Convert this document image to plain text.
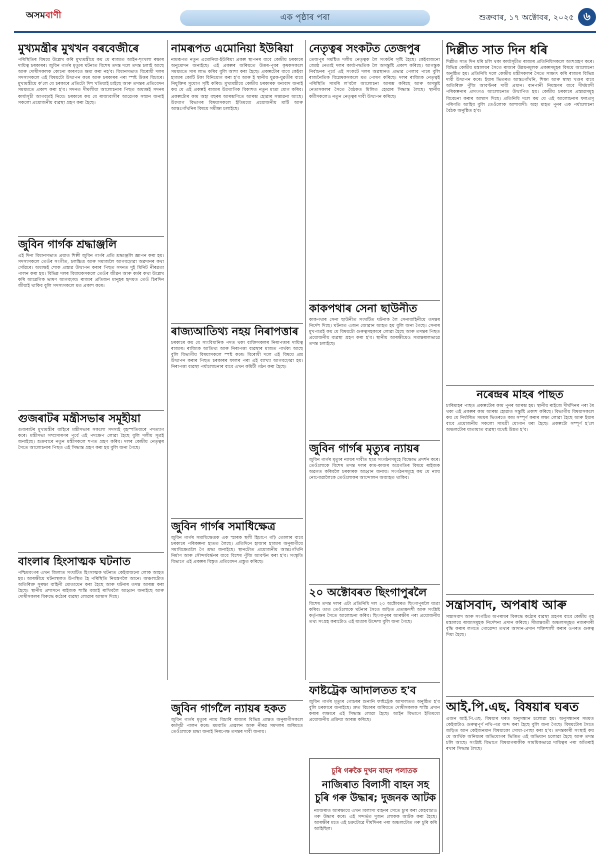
অসমবাণী	এক পৃষ্ঠাৰ পৰা	শুক্ৰবাৰ, ১৭ অক্টোবৰ, ২০২৫ ৬
মুখ্যমন্ত্ৰীৰ মুখখন বৰবেজীৰে
পৰিস্থিতিৰ বিষয়ে উল্লেখ কৰি মুখ্যমন্ত্ৰীয়ে কয় যে ৰাজ্যত আইন-শৃংখলা ৰক্ষাৰ দায়িত্ব চৰকাৰৰ। জুবিন গাৰ্গৰ মৃত্যুৰ ঘটনাত বিশেষ তদন্ত দলে তদন্ত চলাই আছে আৰু দোষীসকলক কোনো কাৰণতে ক্ষমা কৰা নহ'ব। বিধানসভাত বিৰোধী দলৰ সদস্যসকলে এই বিষয়টো উত্থাপন কৰে আৰু চৰকাৰৰ পৰা স্পষ্ট উত্তৰ বিচাৰে। মুখ্যমন্ত্ৰীয়ে ক'লে যে চৰকাৰে প্ৰতিটো দিশ খতিয়াই চাইছে আৰু তদন্তৰ প্ৰতিবেদন সময়মতে প্ৰকাশ কৰা হ'ব। সদনত দীঘলীয়া আলোচনাৰ পিছত অধ্যক্ষই সদনৰ কাৰ্য্যসূচী আগবঢ়াই নিয়ে। চৰকাৰে কয় যে ৰাজ্যবাসীৰ আৱেগক সন্মান জনাই সকলো প্ৰয়োজনীয় ব্যৱস্থা গ্ৰহণ কৰা হৈছে।
জুবিন গাৰ্গক শ্ৰদ্ধাঞ্জলি
এই দিনা বিধানসভাত প্ৰয়াত শিল্পী জুবিন গাৰ্গৰ প্ৰতি শ্ৰদ্ধাঞ্জলি জ্ঞাপন কৰা হয়। সদস্যসকলে তেওঁৰ সংগীত, চলচ্চিত্ৰ আৰু সমাজলৈ আগবঢ়োৱা অৱদানৰ কথা সোঁৱৰে। অধ্যক্ষই শোক প্ৰস্তাৱ উত্থাপন কৰাৰ পিছত সদনত দুই মিনিট নীৰৱতা পালন কৰা হয়। বিভিন্ন দলৰ বিধায়কসকলে তেওঁৰ জীৱন আৰু কৰ্মৰ কথা উল্লেখ কৰি আৱেগিক ভাষণ আগবঢ়ায়। ৰাজ্যৰ প্ৰতিজন মানুহৰ হৃদয়ত তেওঁ চিৰদিন জীয়াই থাকিব বুলি সদস্যসকলে মত প্ৰকাশ কৰে।
গুজৰাটৰ মন্ত্ৰীসভাৰ সমূহীয়া
গুজৰাটৰ মুখ্যমন্ত্ৰীৰ বাহিৰে মন্ত্ৰীসভাৰ সকলো সদস্যই বৃহস্পতিবাৰে পদত্যাগ কৰে। মন্ত্ৰীসভা সম্প্ৰসাৰণৰ পূৰ্বে এই পদক্ষেপ লোৱা হৈছে বুলি দলীয় সূত্ৰই জনাইছে। শুক্ৰবাৰে নতুন মন্ত্ৰীসকলে শপত গ্ৰহণ কৰিব। দলৰ কেন্দ্ৰীয় নেতৃত্বৰ সৈতে আলোচনাৰ পিছত এই সিদ্ধান্ত গ্ৰহণ কৰা হয় বুলি জনা গৈছে।
বাংলাৰ হিংসাত্মক ঘটনাত
পশ্চিমবংগৰ এখন জিলাত সংঘটিত হিংসাত্মক ঘটনাত কেইবাজনো লোক আহত হয়। আৰক্ষীয়ে ঘটনাস্থলত উপস্থিত হৈ পৰিস্থিতি নিয়ন্ত্ৰণলৈ আনে। অঞ্চলটোত অতিৰিক্ত সুৰক্ষা বাহিনী মোতায়েন কৰা হৈছে আৰু ঘটনাৰ তদন্ত আৰম্ভ কৰা হৈছে। স্থানীয় প্ৰশাসনে ৰাইজক শান্তি বজাই ৰাখিবলৈ আহ্বান জনাইছে আৰু দোষীসকলৰ বিৰুদ্ধে কঠোৰ ব্যৱস্থা লোৱাৰ আশ্বাস দিছে।
নামৰূপত এমোনিয়া ইউৰিয়া
নামৰূপত নতুন এমোনিয়া-ইউৰিয়া প্ৰকল্প স্থাপনৰ বাবে কেন্দ্ৰীয় চৰকাৰে অনুমোদন জনাইছে। এই প্ৰকল্পৰ জৰিয়তে উত্তৰ-পূবৰ কৃষকসকলে সময়মতে সাৰ লাভ কৰিব বুলি আশা কৰা হৈছে। প্ৰকল্পটোৰ বাবে কেইবা হাজাৰ কোটি টকা বিনিয়োগ কৰা হ'ব আৰু ই স্থানীয় যুৱক-যুৱতীৰ বাবে নিযুক্তিৰ সুযোগ সৃষ্টি কৰিব। মুখ্যমন্ত্ৰীয়ে কেন্দ্ৰীয় চৰকাৰক ধন্যবাদ জনাই কয় যে এই প্ৰকল্পই ৰাজ্যৰ উদ্যোগিক বিকাশত নতুন মাত্ৰা যোগ কৰিব। প্ৰকল্পটোৰ কাম অহা বছৰৰ আৰম্ভণিতে আৰম্ভ হোৱাৰ সম্ভাৱনা আছে। উদ্যোগ বিভাগৰ বিষয়াসকলে ইতিমধ্যে প্ৰয়োজনীয় মাটি আৰু আন্তঃগাঁথনিৰ বিষয়ে সমীক্ষা চলাইছে।
ৰাজ্যআতিথ্য নহয় নিৰাপত্তাৰ
চৰকাৰে কয় যে সাংবিধানিক পদত থকা ব্যক্তিসকলৰ নিৰাপত্তাৰ দায়িত্ব ৰাজ্যৰ। ৰাজ্যিক আতিথ্য আৰু নিৰাপত্তা ব্যৱস্থাৰ মাজত পাৰ্থক্য আছে বুলি বিভাগীয় বিষয়াসকলে স্পষ্ট কৰে। বিৰোধী দলে এই বিষয়ে প্ৰশ্ন উত্থাপন কৰাৰ পিছত চৰকাৰৰ ফালৰ পৰা এই ব্যাখ্যা আগবঢ়োৱা হয়। নিৰাপত্তা ব্যৱস্থা পৰ্যালোচনাৰ বাবে এখন কমিটী গঠন কৰা হৈছে।
জুবিন গাৰ্গৰ সমাধিক্ষেত্ৰ
জুবিন গাৰ্গৰ সমাধিক্ষেত্ৰক এক স্মাৰক স্থলী হিচাপে গঢ়ি তোলাৰ বাবে চৰকাৰে পৰিকল্পনা হাতত লৈছে। প্ৰতিদিনে হাজাৰ হাজাৰ অনুৰাগীয়ে সমাধিক্ষেত্ৰলৈ গৈ শ্ৰদ্ধা জনাইছে। স্থানটোত প্ৰয়োজনীয় আন্তঃগাঁথনি নিৰ্মাণ আৰু সৌন্দৰ্যবৰ্দ্ধনৰ বাবে বিশেষ পুঁজি আবণ্টন কৰা হ'ব। সংস্কৃতি বিভাগে এই প্ৰকল্পৰ বিস্তৃত প্ৰতিবেদন প্ৰস্তুত কৰিছে।
জুবিন গাৰ্গলৈ ন্যায়ৰ হকত
জুবিন গাৰ্গৰ মৃত্যুৰ ন্যায় বিচাৰি ৰাজ্যৰ বিভিন্ন প্ৰান্তত অনুৰাগীসকলে কৰ্মসূচী পালন কৰে। মমবাতি প্ৰজ্বলন আৰু নীৰৱ সমদলৰ জৰিয়তে তেওঁলোকে শ্ৰদ্ধা জনাই নিৰপেক্ষ তদন্তৰ দাবী জনায়।
নেতৃত্বৰ সংকটত তেজপুৰ
তেজপুৰ সমষ্টিত দলীয় নেতৃত্বক লৈ সংকটৰ সৃষ্টি হৈছে। কেইবাজনো জ্যেষ্ঠ নেতাই দলৰ কাৰ্য্যপদ্ধতিক লৈ অসন্তুষ্টি প্ৰকাশ কৰিছে। আগন্তুক নিৰ্বাচনৰ পূৰ্বে এই সংকটে দলৰ অৱস্থানত প্ৰভাৱ পেলাব পাৰে বুলি ৰাজনৈতিক বিশ্লেষকসকলে মত পোষণ কৰিছে। দলৰ ৰাজ্যিক নেতৃত্বই পৰিস্থিতি সামৰি ল'বলৈ আলোচনা আৰম্ভ কৰিছে আৰু অসন্তুষ্ট নেতাসকলৰ সৈতে বৈঠকত মিলিত হোৱাৰ সিদ্ধান্ত লৈছে। স্থানীয় কৰ্মীসকলেও নতুন নেতৃত্বৰ দাবী উত্থাপন কৰিছে।
কাকপথাৰ সেনা ছাউনীত
কাকপথাৰ সেনা ছাউনীত সংঘটিত ঘটনাক লৈ সেনাবাহিনীয়ে তদন্তৰ নিৰ্দেশ দিছে। ঘটনাত এজন জোৱান আহত হয় বুলি জনা গৈছে। সেনাৰ মুখপাত্ৰই কয় যে বিষয়টো গুৰুত্বসহকাৰে লোৱা হৈছে আৰু তদন্তৰ পিছত প্ৰয়োজনীয় ব্যৱস্থা গ্ৰহণ কৰা হ'ব। স্থানীয় আৰক্ষীয়েও সমান্তৰালভাৱে তদন্ত চলাইছে।
জুবিন গাৰ্গৰ মৃত্যুৰ ন্যায়ৰ
জুবিন গাৰ্গৰ মৃত্যুৰ ন্যায়ৰ দাবীত ছাত্ৰ সংগঠনসমূহে বিক্ষোভ প্ৰদৰ্শন কৰে। তেওঁলোকে বিশেষ তদন্ত দলৰ কাম-কাজৰ অগ্ৰগতিৰ বিষয়ে ৰাইজক অৱগত কৰিবলৈ চৰকাৰক আহ্বান জনায়। সংগঠনসমূহে কয় যে ন্যায় নোপোৱালৈকে তেওঁলোকৰ আন্দোলন অব্যাহত থাকিব।
২০ অক্টোবৰত ছিংগাপুৰলৈ
বিশেষ তদন্ত দলৰ এটা প্ৰতিনিধি দল ২০ অক্টোবৰত ছিংগাপুৰলৈ যাত্ৰা কৰিব। তাত তেওঁলোকে ঘটনাৰ সৈতে জড়িত প্ৰত্যক্ষদৰ্শী আৰু সংশ্লিষ্ট কৰ্তৃপক্ষৰ সৈতে আলোচনা কৰিব। ছিংগাপুৰৰ আৰক্ষীৰ পৰা প্ৰয়োজনীয় তথ্য সংগ্ৰহ কৰাটোও এই যাত্ৰাৰ উদ্দেশ্য বুলি জনা গৈছে।
ফাষ্টট্ৰেক আদালতত হ'ব
জুবিন গাৰ্গৰ মৃত্যুৰ গোচৰৰ শুনানি ফাষ্টট্ৰেক আদালতত অনুষ্ঠিত হ'ব বুলি চৰকাৰে জনাইছে। দ্ৰুত বিচাৰৰ জৰিয়তে দোষীসকলক শাস্তি প্ৰদান কৰাৰ লক্ষ্যৰে এই সিদ্ধান্ত লোৱা হৈছে। আইন বিভাগে ইতিমধ্যে প্ৰয়োজনীয় প্ৰক্ৰিয়া আৰম্ভ কৰিছে।
চুৰি গৰুকৈ দুখন বাহন পলাতক
নাজিৰাত বিলাসী বাহন সহ
চুৰি গৰু উদ্ধাৰ; দুজনক আটক
নাজিৰাত আৰক্ষীয়ে এখন বিলাসী বাহনৰ সৈতে চুৰি কৰা কেইবাটাও গৰু উদ্ধাৰ কৰে। এই সন্দৰ্ভত দুজন লোকক আটক কৰা হৈছে। আৰক্ষীৰ মতে এই চক্ৰটোৱে দীৰ্ঘদিনৰ পৰা অঞ্চলটোত গৰু চুৰি কৰি আহিছিল।
দিল্লীত সাত দিন ধৰি
দিল্লীত সাত দিন ধৰি চলি থকা কাৰ্য্যসূচীত ৰাজ্যৰ প্ৰতিনিধিসকলে অংশগ্ৰহণ কৰে। বিভিন্ন কেন্দ্ৰীয় মন্ত্ৰালয়ৰ সৈতে ৰাজ্যৰ উন্নয়নমূলক প্ৰকল্পসমূহৰ বিষয়ে আলোচনা অনুষ্ঠিত হয়। প্ৰতিনিধি দলে কেন্দ্ৰীয় মন্ত্ৰীসকলৰ সৈতে সাক্ষাৎ কৰি ৰাজ্যৰ বিভিন্ন দাবী উত্থাপন কৰে। ইয়াৰ ভিতৰত আন্তঃগাঁথনি, শিক্ষা আৰু স্বাস্থ্য খণ্ডৰ বাবে অতিৰিক্ত পুঁজি আবণ্টনৰ দাবী প্ৰধান। বানপানী নিয়ন্ত্ৰণৰ বাবে দীৰ্ঘম্যাদী পৰিকল্পনাৰ প্ৰসংগও আলোচনাত উত্থাপিত হয়। কেন্দ্ৰীয় চৰকাৰে প্ৰস্তাৱসমূহ বিবেচনা কৰাৰ আশ্বাস দিছে। প্ৰতিনিধি দলে কয় যে এই আলোচনাৰ ফলপ্ৰসূ পৰিণতি আহিব বুলি তেওঁলোক আশাবাদী। অহা মাহত পুনৰ এক পৰ্যালোচনা বৈঠক অনুষ্ঠিত হ'ব।
নৰেন্দ্ৰৰ মাহৰ পাছত
চাৰিমাহৰ পাছত প্ৰকল্পটোৰ কাম পুনৰ আৰম্ভ হয়। স্থানীয় ৰাইজে দীৰ্ঘদিনৰ পৰা ৰৈ থকা এই প্ৰকল্পৰ কাম আৰম্ভ হোৱাত সন্তুষ্টি প্ৰকাশ কৰিছে। বিভাগীয় বিষয়াসকলে কয় যে নিৰ্ধাৰিত সময়ৰ ভিতৰতে কাম সম্পূৰ্ণ কৰাৰ লক্ষ্য লোৱা হৈছে আৰু ইয়াৰ বাবে প্ৰয়োজনীয় সকলো সামগ্ৰী যোগান ধৰা হৈছে। প্ৰকল্পটো সম্পূৰ্ণ হ'লে অঞ্চলটোৰ যাতায়াত ব্যৱস্থা যথেষ্ট উন্নত হ'ব।
সন্ত্ৰাসবাদ, অপৰাধ আৰু
সন্ত্ৰাসবাদ আৰু সংগঠিত অপৰাধৰ বিৰুদ্ধে কঠোৰ ব্যৱস্থা গ্ৰহণৰ বাবে কেন্দ্ৰীয় গৃহ মন্ত্ৰালয়ে ৰাজ্যসমূহক নিৰ্দেশনা প্ৰদান কৰিছে। সীমান্তবৰ্তী অঞ্চলসমূহত নজৰদাৰী বৃদ্ধি কৰাৰ লগতে গোৱেন্দা তথ্যৰ আদান-প্ৰদান শক্তিশালী কৰাৰ ওপৰত গুৰুত্ব দিয়া হৈছে।
আই.পি.এছ. বিষয়াৰ ঘৰত
এজন আই.পি.এছ. বিষয়াৰ ঘৰত অনুসন্ধান চলোৱা হয়। অনুসন্ধানৰ সময়ত কেইবাটাও গুৰুত্বপূৰ্ণ নথি-পত্ৰ জব্দ কৰা হৈছে বুলি জনা গৈছে। বিষয়টোৰ সৈতে জড়িত আন কেইজনমান বিষয়াকো সোধা-পোছা কৰা হ'ব। তদন্তকাৰী সংস্থাই কয় যে আৰ্থিক অনিয়মৰ অভিযোগৰ ভিত্তিত এই অভিযান চলোৱা হৈছে আৰু তদন্ত চলি আছে। সংশ্লিষ্ট বিভাগে বিষয়াগৰাকীক সাময়িকভাৱে দায়িত্বৰ পৰা আঁতৰাই ৰখাৰ সিদ্ধান্ত লৈছে।
